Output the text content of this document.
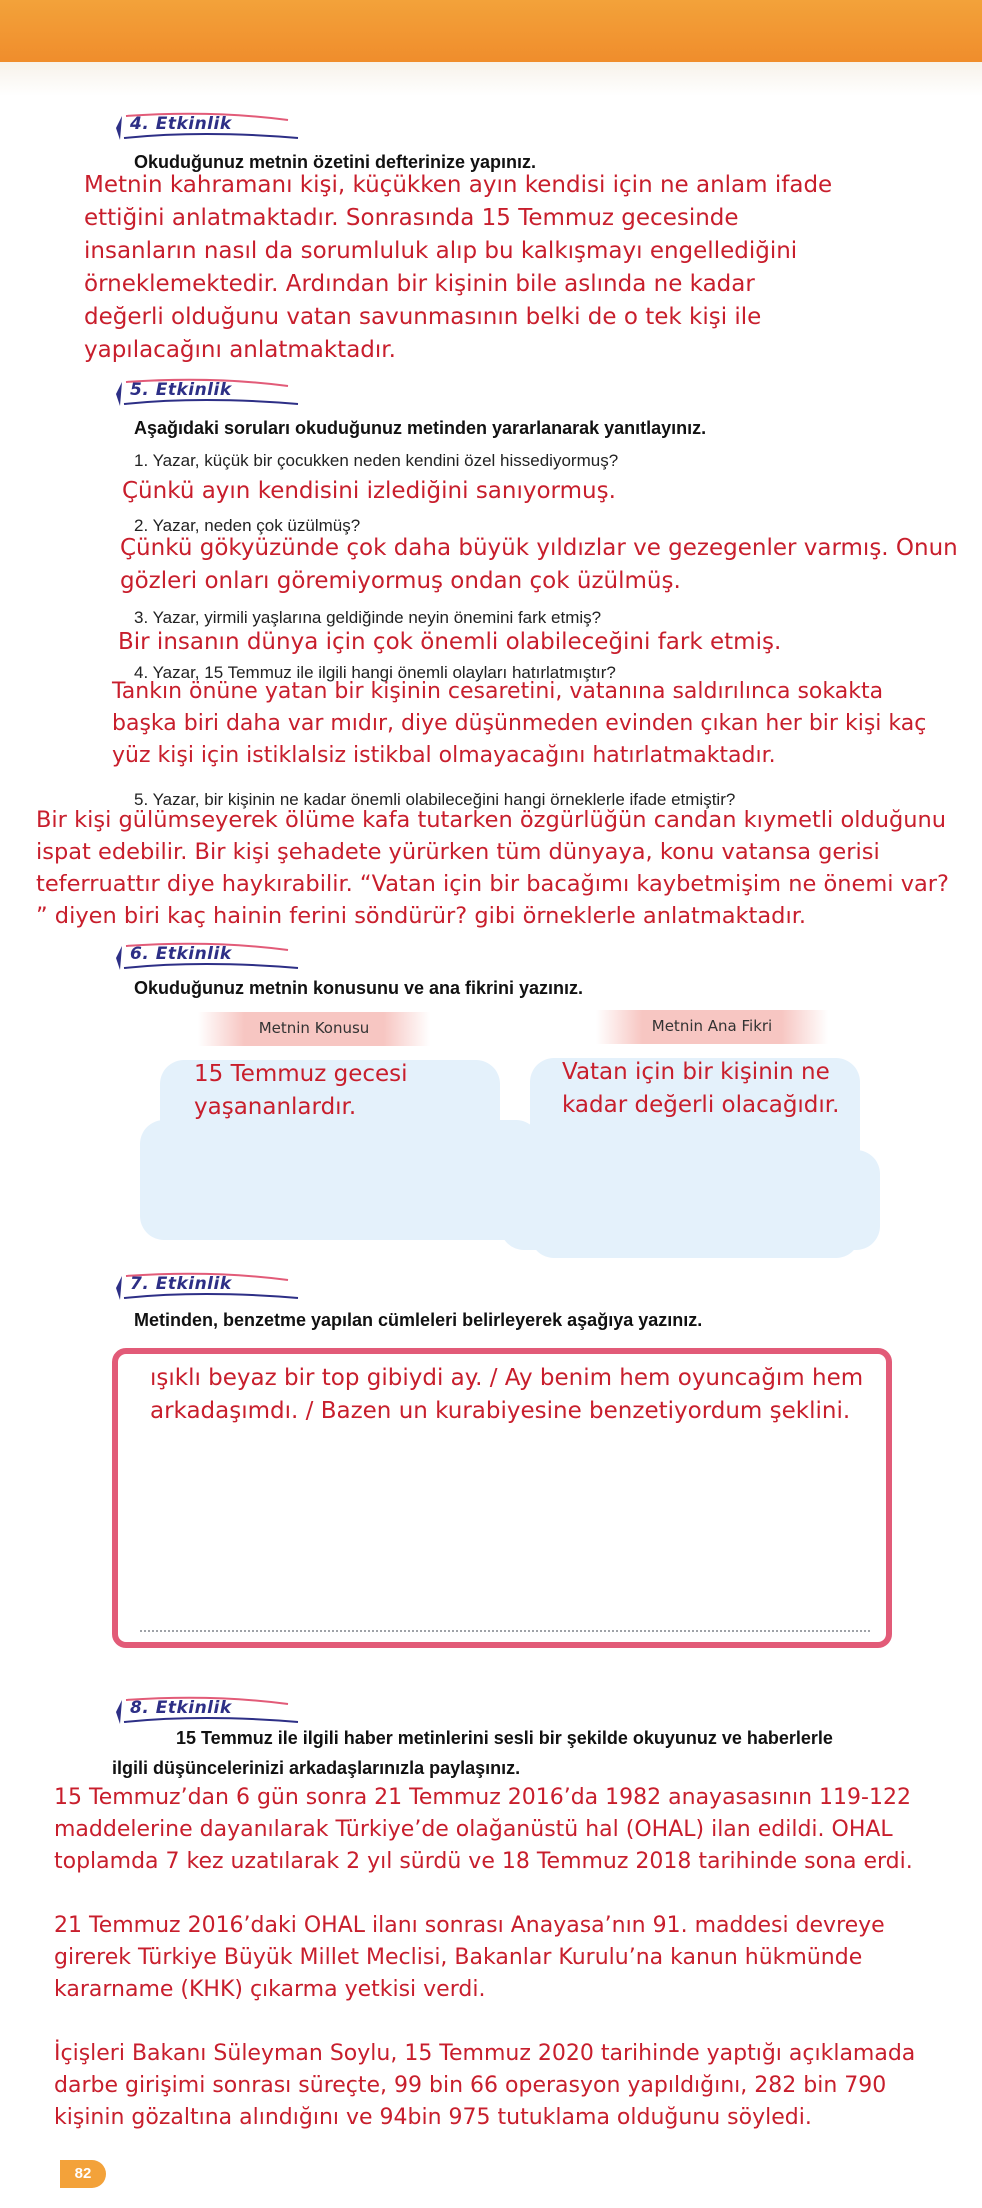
4. Etkinlik
Okuduğunuz metnin özetini defterinize yapınız.
Metnin kahramanı kişi, küçükken ayın kendisi için ne anlam ifade
ettiğini anlatmaktadır. Sonrasında 15 Temmuz gecesinde
insanların nasıl da sorumluluk alıp bu kalkışmayı engellediğini
örneklemektedir. Ardından bir kişinin bile aslında ne kadar
değerli olduğunu vatan savunmasının belki de o tek kişi ile
yapılacağını anlatmaktadır.
5. Etkinlik
Aşağıdaki soruları okuduğunuz metinden yararlanarak yanıtlayınız.
1. Yazar, küçük bir çocukken neden kendini özel hissediyormuş?
Çünkü ayın kendisini izlediğini sanıyormuş.
2. Yazar, neden çok üzülmüş?
Çünkü gökyüzünde çok daha büyük yıldızlar ve gezegenler varmış. Onun
gözleri onları göremiyormuş ondan çok üzülmüş.
3. Yazar, yirmili yaşlarına geldiğinde neyin önemini fark etmiş?
Bir insanın dünya için çok önemli olabileceğini fark etmiş.
4. Yazar, 15 Temmuz ile ilgili hangi önemli olayları hatırlatmıştır?
Tankın önüne yatan bir kişinin cesaretini, vatanına saldırılınca sokakta
başka biri daha var mıdır, diye düşünmeden evinden çıkan her bir kişi kaç
yüz kişi için istiklalsiz istikbal olmayacağını hatırlatmaktadır.
5. Yazar, bir kişinin ne kadar önemli olabileceğini hangi örneklerle ifade etmiştir?
Bir kişi gülümseyerek ölüme kafa tutarken özgürlüğün candan kıymetli olduğunu
ispat edebilir. Bir kişi şehadete yürürken tüm dünyaya, konu vatansa gerisi
teferruattır diye haykırabilir. “Vatan için bir bacağımı kaybetmişim ne önemi var?
” diyen biri kaç hainin ferini söndürür? gibi örneklerle anlatmaktadır.
6. Etkinlik
Okuduğunuz metnin konusunu ve ana fikrini yazınız.
Metnin Konusu	Metnin Ana Fikri
15 Temmuz gecesi
yaşananlardır.
Vatan için bir kişinin ne
kadar değerli olacağıdır.
7. Etkinlik
Metinden, benzetme yapılan cümleleri belirleyerek aşağıya yazınız.
ışıklı beyaz bir top gibiydi ay. / Ay benim hem oyuncağım hem
arkadaşımdı. / Bazen un kurabiyesine benzetiyordum şeklini.
8. Etkinlik
15 Temmuz ile ilgili haber metinlerini sesli bir şekilde okuyunuz ve haberlerle
ilgili düşüncelerinizi arkadaşlarınızla paylaşınız.
15 Temmuz’dan 6 gün sonra 21 Temmuz 2016’da 1982 anayasasının 119-122
maddelerine dayanılarak Türkiye’de olağanüstü hal (OHAL) ilan edildi. OHAL
toplamda 7 kez uzatılarak 2 yıl sürdü ve 18 Temmuz 2018 tarihinde sona erdi.
21 Temmuz 2016’daki OHAL ilanı sonrası Anayasa’nın 91. maddesi devreye
girerek Türkiye Büyük Millet Meclisi, Bakanlar Kurulu’na kanun hükmünde
kararname (KHK) çıkarma yetkisi verdi.
İçişleri Bakanı Süleyman Soylu, 15 Temmuz 2020 tarihinde yaptığı açıklamada
darbe girişimi sonrası süreçte, 99 bin 66 operasyon yapıldığını, 282 bin 790
kişinin gözaltına alındığını ve 94bin 975 tutuklama olduğunu söyledi.
82
